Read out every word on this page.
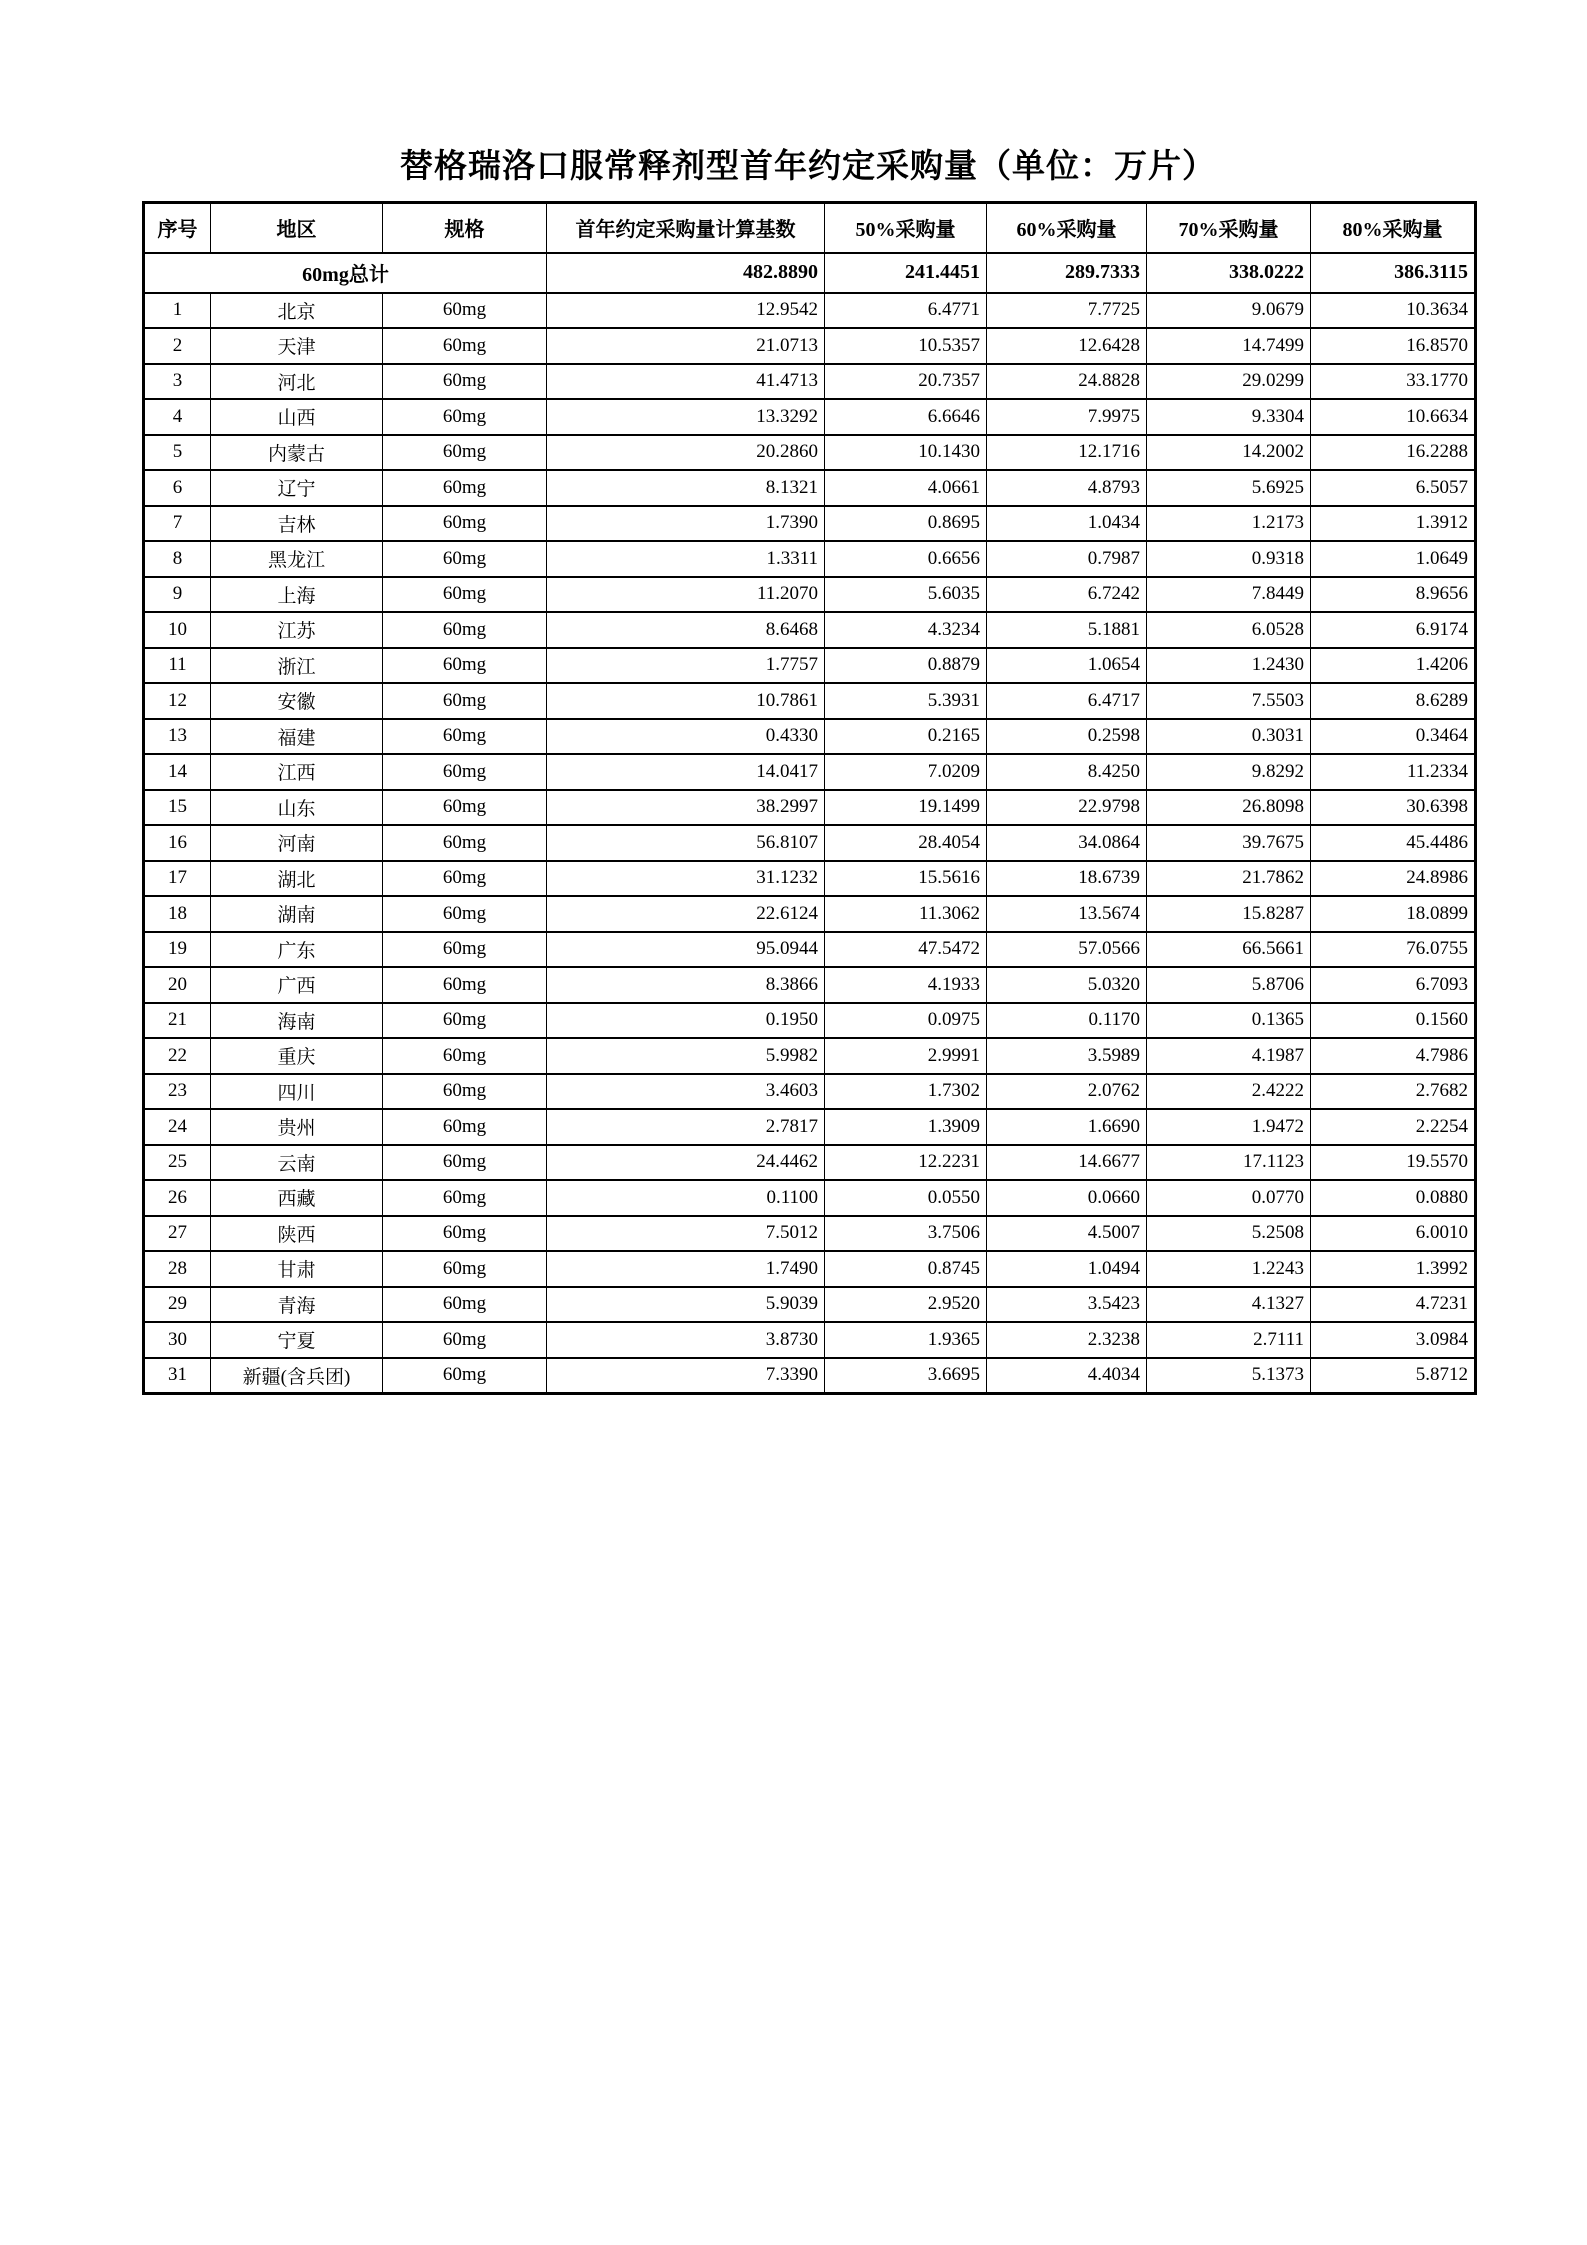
替格瑞洛口服常释剂型首年约定采购量（单位：万片）
序号	地区	规格	首年约定采购量计算基数	50%采购量	60%采购量	70%采购量	80%采购量
60mg总计			482.8890	241.4451	289.7333	338.0222	386.3115
1	北京	60mg	12.9542	6.4771	7.7725	9.0679	10.3634
2	天津	60mg	21.0713	10.5357	12.6428	14.7499	16.8570
3	河北	60mg	41.4713	20.7357	24.8828	29.0299	33.1770
4	山西	60mg	13.3292	6.6646	7.9975	9.3304	10.6634
5	内蒙古	60mg	20.2860	10.1430	12.1716	14.2002	16.2288
6	辽宁	60mg	8.1321	4.0661	4.8793	5.6925	6.5057
7	吉林	60mg	1.7390	0.8695	1.0434	1.2173	1.3912
8	黑龙江	60mg	1.3311	0.6656	0.7987	0.9318	1.0649
9	上海	60mg	11.2070	5.6035	6.7242	7.8449	8.9656
10	江苏	60mg	8.6468	4.3234	5.1881	6.0528	6.9174
11	浙江	60mg	1.7757	0.8879	1.0654	1.2430	1.4206
12	安徽	60mg	10.7861	5.3931	6.4717	7.5503	8.6289
13	福建	60mg	0.4330	0.2165	0.2598	0.3031	0.3464
14	江西	60mg	14.0417	7.0209	8.4250	9.8292	11.2334
15	山东	60mg	38.2997	19.1499	22.9798	26.8098	30.6398
16	河南	60mg	56.8107	28.4054	34.0864	39.7675	45.4486
17	湖北	60mg	31.1232	15.5616	18.6739	21.7862	24.8986
18	湖南	60mg	22.6124	11.3062	13.5674	15.8287	18.0899
19	广东	60mg	95.0944	47.5472	57.0566	66.5661	76.0755
20	广西	60mg	8.3866	4.1933	5.0320	5.8706	6.7093
21	海南	60mg	0.1950	0.0975	0.1170	0.1365	0.1560
22	重庆	60mg	5.9982	2.9991	3.5989	4.1987	4.7986
23	四川	60mg	3.4603	1.7302	2.0762	2.4222	2.7682
24	贵州	60mg	2.7817	1.3909	1.6690	1.9472	2.2254
25	云南	60mg	24.4462	12.2231	14.6677	17.1123	19.5570
26	西藏	60mg	0.1100	0.0550	0.0660	0.0770	0.0880
27	陕西	60mg	7.5012	3.7506	4.5007	5.2508	6.0010
28	甘肃	60mg	1.7490	0.8745	1.0494	1.2243	1.3992
29	青海	60mg	5.9039	2.9520	3.5423	4.1327	4.7231
30	宁夏	60mg	3.8730	1.9365	2.3238	2.7111	3.0984
31	新疆(含兵团)	60mg	7.3390	3.6695	4.4034	5.1373	5.8712
